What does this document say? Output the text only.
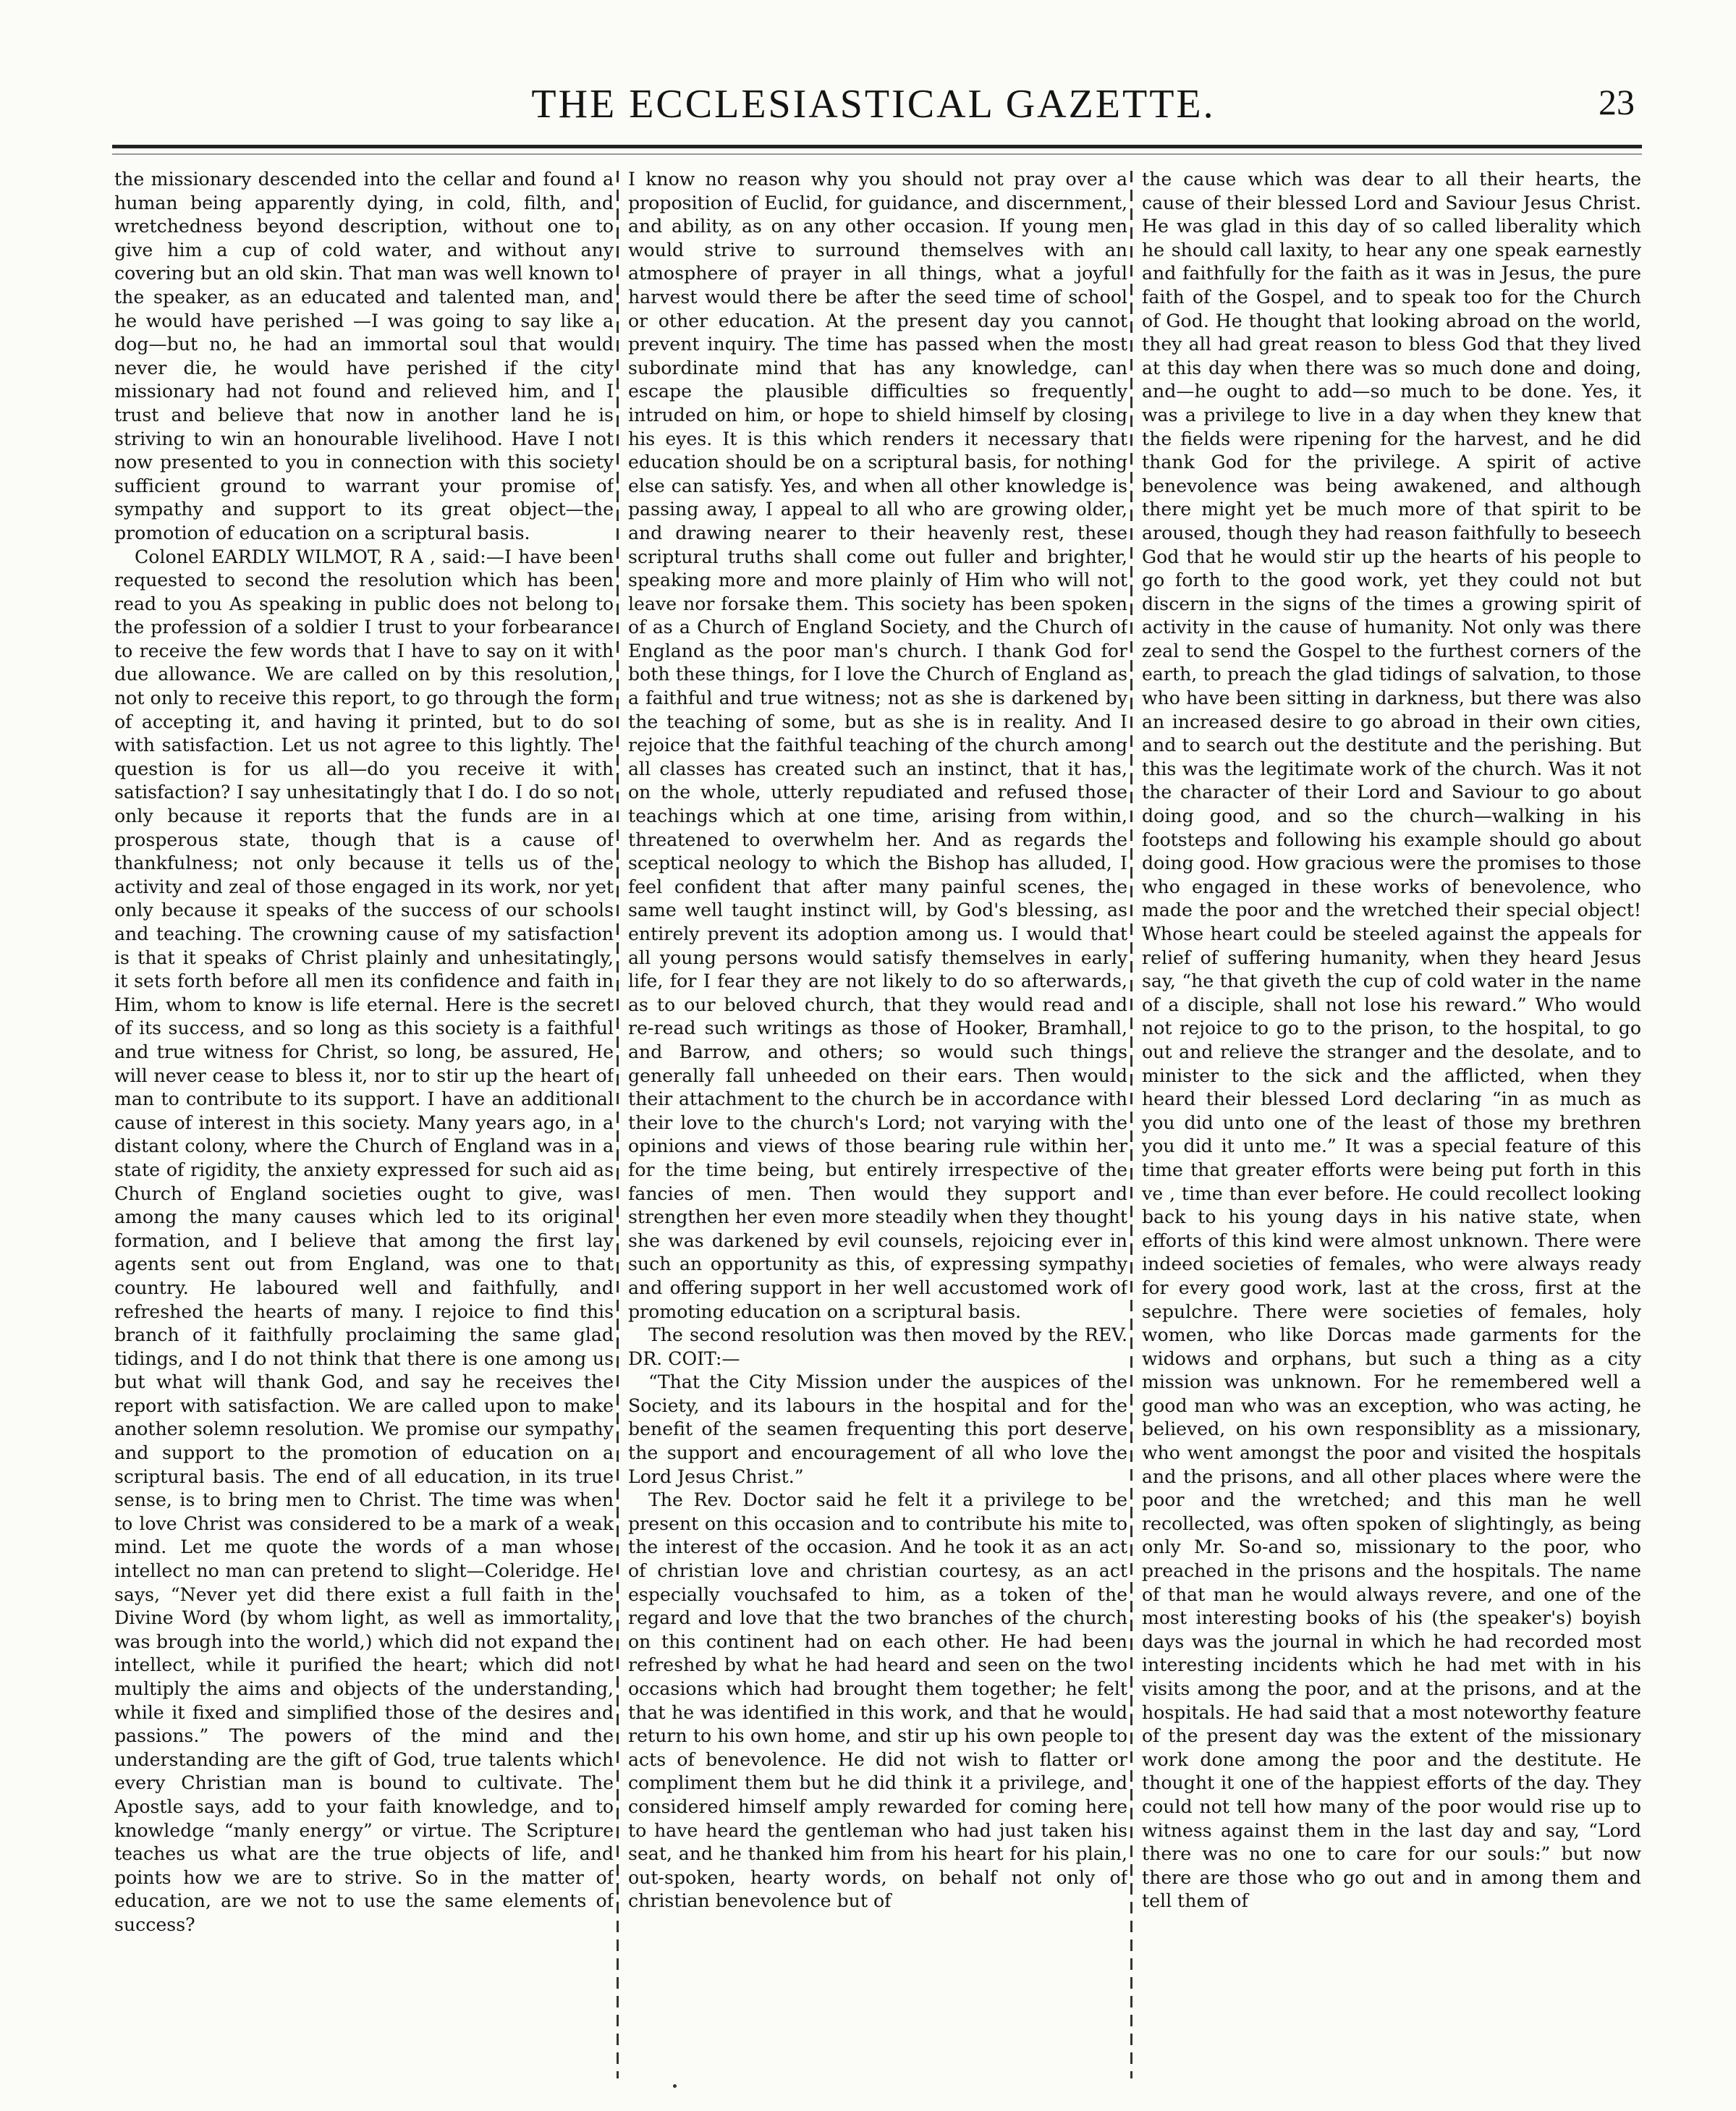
THE ECCLESIASTICAL GAZETTE.	23

the missionary descended into the cellar and found a human being apparently dying, in cold, filth, and wretchedness beyond description, without one to give him a cup of cold water, and without any covering but an old skin. That man was well known to the speaker, as an educated and talented man, and he would have perished —I was going to say like a dog—but no, he had an immortal soul that would never die, he would have perished if the city missionary had not found and relieved him, and I trust and believe that now in another land he is striving to win an honourable livelihood. Have I not now presented to you in connection with this society sufficient ground to warrant your promise of sympathy and support to its great object—the promotion of education on a scriptural basis.

Colonel EARDLY WILMOT, R A , said:—I have been requested to second the resolution which has been read to you As speaking in public does not belong to the profession of a soldier I trust to your forbearance to receive the few words that I have to say on it with due allowance. We are called on by this resolution, not only to receive this report, to go through the form of accepting it, and having it printed, but to do so with satisfaction. Let us not agree to this lightly. The question is for us all—do you receive it with satisfaction? I say unhesitatingly that I do. I do so not only because it reports that the funds are in a prosperous state, though that is a cause of thankfulness; not only because it tells us of the activity and zeal of those engaged in its work, nor yet only because it speaks of the success of our schools and teaching. The crowning cause of my satisfaction is that it speaks of Christ plainly and unhesitatingly, it sets forth before all men its confidence and faith in Him, whom to know is life eternal. Here is the secret of its success, and so long as this society is a faithful and true witness for Christ, so long, be assured, He will never cease to bless it, nor to stir up the heart of man to contribute to its support. I have an additional cause of interest in this society. Many years ago, in a distant colony, where the Church of England was in a state of rigidity, the anxiety expressed for such aid as Church of England societies ought to give, was among the many causes which led to its original formation, and I believe that among the first lay agents sent out from England, was one to that country. He laboured well and faithfully, and refreshed the hearts of many. I rejoice to find this branch of it faithfully proclaiming the same glad tidings, and I do not think that there is one among us but what will thank God, and say he receives the report with satisfaction. We are called upon to make another solemn resolution. We promise our sympathy and support to the promotion of education on a scriptural basis. The end of all education, in its true sense, is to bring men to Christ. The time was when to love Christ was considered to be a mark of a weak mind. Let me quote the words of a man whose intellect no man can pretend to slight—Coleridge. He says, “Never yet did there exist a full faith in the Divine Word (by whom light, as well as immortality, was brough into the world,) which did not expand the intellect, while it purified the heart; which did not multiply the aims and objects of the understanding, while it fixed and simplified those of the desires and passions.” The powers of the mind and the understanding are the gift of God, true talents which every Christian man is bound to cultivate. The Apostle says, add to your faith knowledge, and to knowledge “manly energy” or virtue. The Scripture teaches us what are the true objects of life, and points how we are to strive. So in the matter of education, are we not to use the same elements of success?

I know no reason why you should not pray over a proposition of Euclid, for guidance, and discernment, and ability, as on any other occasion. If young men would strive to surround themselves with an atmosphere of prayer in all things, what a joyful harvest would there be after the seed time of school or other education. At the present day you cannot prevent inquiry. The time has passed when the most subordinate mind that has any knowledge, can escape the plausible difficulties so frequently intruded on him, or hope to shield himself by closing his eyes. It is this which renders it necessary that education should be on a scriptural basis, for nothing else can satisfy. Yes, and when all other knowledge is passing away, I appeal to all who are growing older, and drawing nearer to their heavenly rest, these scriptural truths shall come out fuller and brighter, speaking more and more plainly of Him who will not leave nor forsake them. This society has been spoken of as a Church of England Society, and the Church of England as the poor man's church. I thank God for both these things, for I love the Church of England as a faithful and true witness; not as she is darkened by the teaching of some, but as she is in reality. And I rejoice that the faithful teaching of the church among all classes has created such an instinct, that it has, on the whole, utterly repudiated and refused those teachings which at one time, arising from within, threatened to overwhelm her. And as regards the sceptical neology to which the Bishop has alluded, I feel confident that after many painful scenes, the same well taught instinct will, by God's blessing, as entirely prevent its adoption among us. I would that all young persons would satisfy themselves in early life, for I fear they are not likely to do so afterwards, as to our beloved church, that they would read and re-read such writings as those of Hooker, Bramhall, and Barrow, and others; so would such things generally fall unheeded on their ears. Then would their attachment to the church be in accordance with their love to the church's Lord; not varying with the opinions and views of those bearing rule within her for the time being, but entirely irrespective of the fancies of men. Then would they support and strengthen her even more steadily when they thought she was darkened by evil counsels, rejoicing ever in such an opportunity as this, of expressing sympathy and offering support in her well accustomed work of promoting education on a scriptural basis.

The second resolution was then moved by the REV. DR. COIT:—

“That the City Mission under the auspices of the Society, and its labours in the hospital and for the benefit of the seamen frequenting this port deserve the support and encouragement of all who love the Lord Jesus Christ.”

The Rev. Doctor said he felt it a privilege to be present on this occasion and to contribute his mite to the interest of the occasion. And he took it as an act of christian love and christian courtesy, as an act especially vouchsafed to him, as a token of the regard and love that the two branches of the church on this continent had on each other. He had been refreshed by what he had heard and seen on the two occasions which had brought them together; he felt that he was identified in this work, and that he would return to his own home, and stir up his own people to acts of benevolence. He did not wish to flatter or compliment them but he did think it a privilege, and considered himself amply rewarded for coming here to have heard the gentleman who had just taken his seat, and he thanked him from his heart for his plain, out-spoken, hearty words, on behalf not only of christian benevolence but of

the cause which was dear to all their hearts, the cause of their blessed Lord and Saviour Jesus Christ. He was glad in this day of so called liberality which he should call laxity, to hear any one speak earnestly and faithfully for the faith as it was in Jesus, the pure faith of the Gospel, and to speak too for the Church of God. He thought that looking abroad on the world, they all had great reason to bless God that they lived at this day when there was so much done and doing, and—he ought to add—so much to be done. Yes, it was a privilege to live in a day when they knew that the fields were ripening for the harvest, and he did thank God for the privilege. A spirit of active benevolence was being awakened, and although there might yet be much more of that spirit to be aroused, though they had reason faithfully to beseech God that he would stir up the hearts of his people to go forth to the good work, yet they could not but discern in the signs of the times a growing spirit of activity in the cause of humanity. Not only was there zeal to send the Gospel to the furthest corners of the earth, to preach the glad tidings of salvation, to those who have been sitting in darkness, but there was also an increased desire to go abroad in their own cities, and to search out the destitute and the perishing. But this was the legitimate work of the church. Was it not the character of their Lord and Saviour to go about doing good, and so the church—walking in his footsteps and following his example should go about doing good. How gracious were the promises to those who engaged in these works of benevolence, who made the poor and the wretched their special object! Whose heart could be steeled against the appeals for relief of suffering humanity, when they heard Jesus say, “he that giveth the cup of cold water in the name of a disciple, shall not lose his reward.” Who would not rejoice to go to the prison, to the hospital, to go out and relieve the stranger and the desolate, and to minister to the sick and the afflicted, when they heard their blessed Lord declaring “in as much as you did unto one of the least of those my brethren you did it unto me.” It was a special feature of this time that greater efforts were being put forth in this ve , time than ever before. He could recollect looking back to his young days in his native state, when efforts of this kind were almost unknown. There were indeed societies of females, who were always ready for every good work, last at the cross, first at the sepulchre. There were societies of females, holy women, who like Dorcas made garments for the widows and orphans, but such a thing as a city mission was unknown. For he remembered well a good man who was an exception, who was acting, he believed, on his own responsiblity as a missionary, who went amongst the poor and visited the hospitals and the prisons, and all other places where were the poor and the wretched; and this man he well recollected, was often spoken of slightingly, as being only Mr. So-and so, missionary to the poor, who preached in the prisons and the hospitals. The name of that man he would always revere, and one of the most interesting books of his (the speaker's) boyish days was the journal in which he had recorded most interesting incidents which he had met with in his visits among the poor, and at the prisons, and at the hospitals. He had said that a most noteworthy feature of the present day was the extent of the missionary work done among the poor and the destitute. He thought it one of the happiest efforts of the day. They could not tell how many of the poor would rise up to witness against them in the last day and say, “Lord there was no one to care for our souls:” but now there are those who go out and in among them and tell them of
